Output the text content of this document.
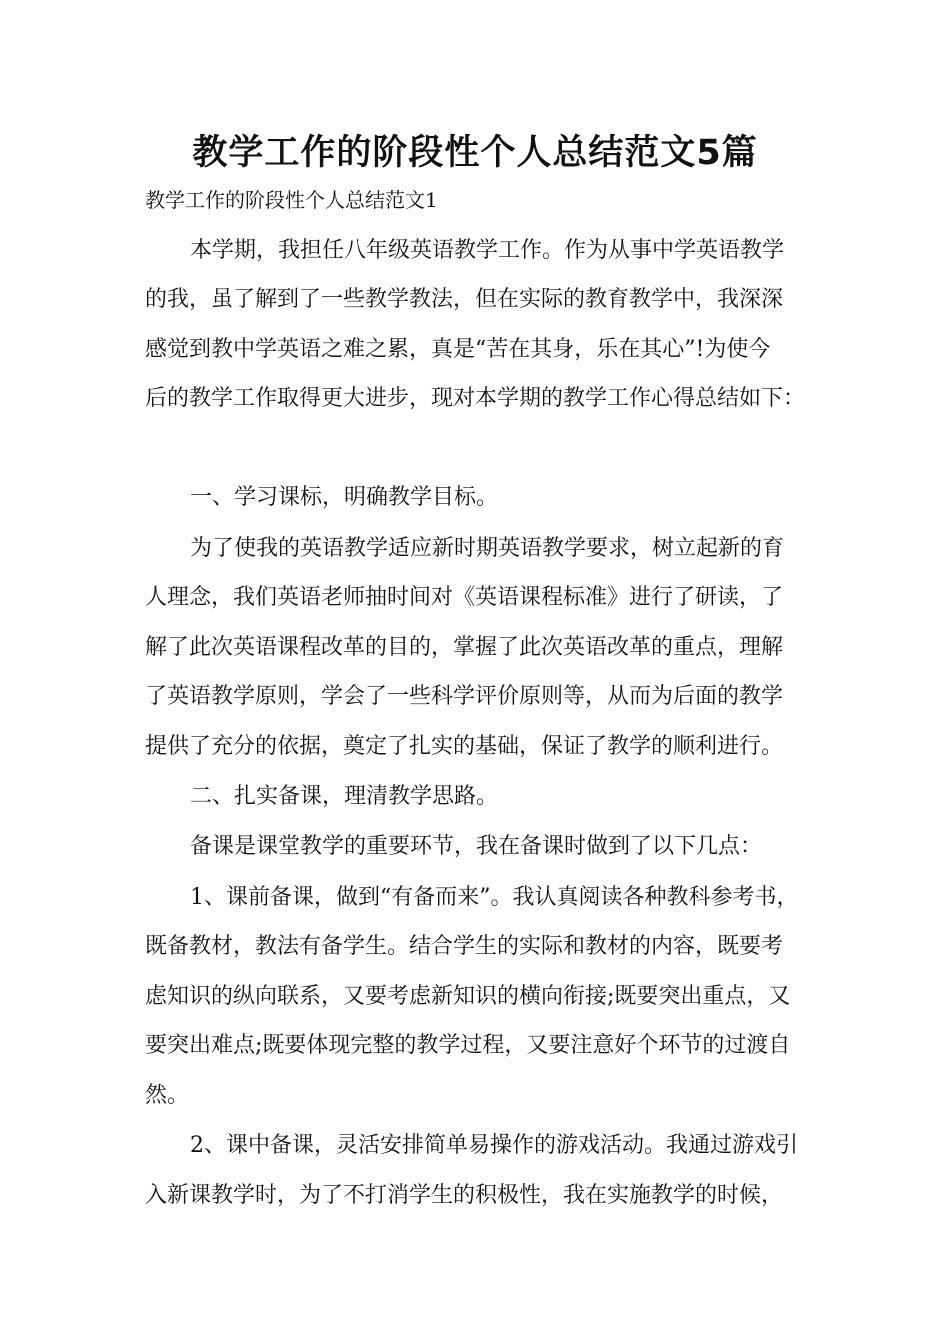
教学工作的阶段性个人总结范文5篇

教学工作的阶段性个人总结范文1

本学期，我担任八年级英语教学工作。作为从事中学英语教学

的我，虽了解到了一些教学教法，但在实际的教育教学中，我深深

感觉到教中学英语之难之累，真是“苦在其身，乐在其心”!为使今

后的教学工作取得更大进步，现对本学期的教学工作心得总结如下：

一、学习课标，明确教学目标。

为了使我的英语教学适应新时期英语教学要求，树立起新的育

人理念，我们英语老师抽时间对《英语课程标准》进行了研读，了

解了此次英语课程改革的目的，掌握了此次英语改革的重点，理解

了英语教学原则，学会了一些科学评价原则等，从而为后面的教学

提供了充分的依据，奠定了扎实的基础，保证了教学的顺利进行。

二、扎实备课，理清教学思路。

备课是课堂教学的重要环节，我在备课时做到了以下几点：

1、课前备课，做到“有备而来”。我认真阅读各种教科参考书，

既备教材，教法有备学生。结合学生的实际和教材的内容，既要考

虑知识的纵向联系，又要考虑新知识的横向衔接;既要突出重点，又

要突出难点;既要体现完整的教学过程，又要注意好个环节的过渡自

然。

2、课中备课，灵活安排简单易操作的游戏活动。我通过游戏引

入新课教学时，为了不打消学生的积极性，我在实施教学的时候，
